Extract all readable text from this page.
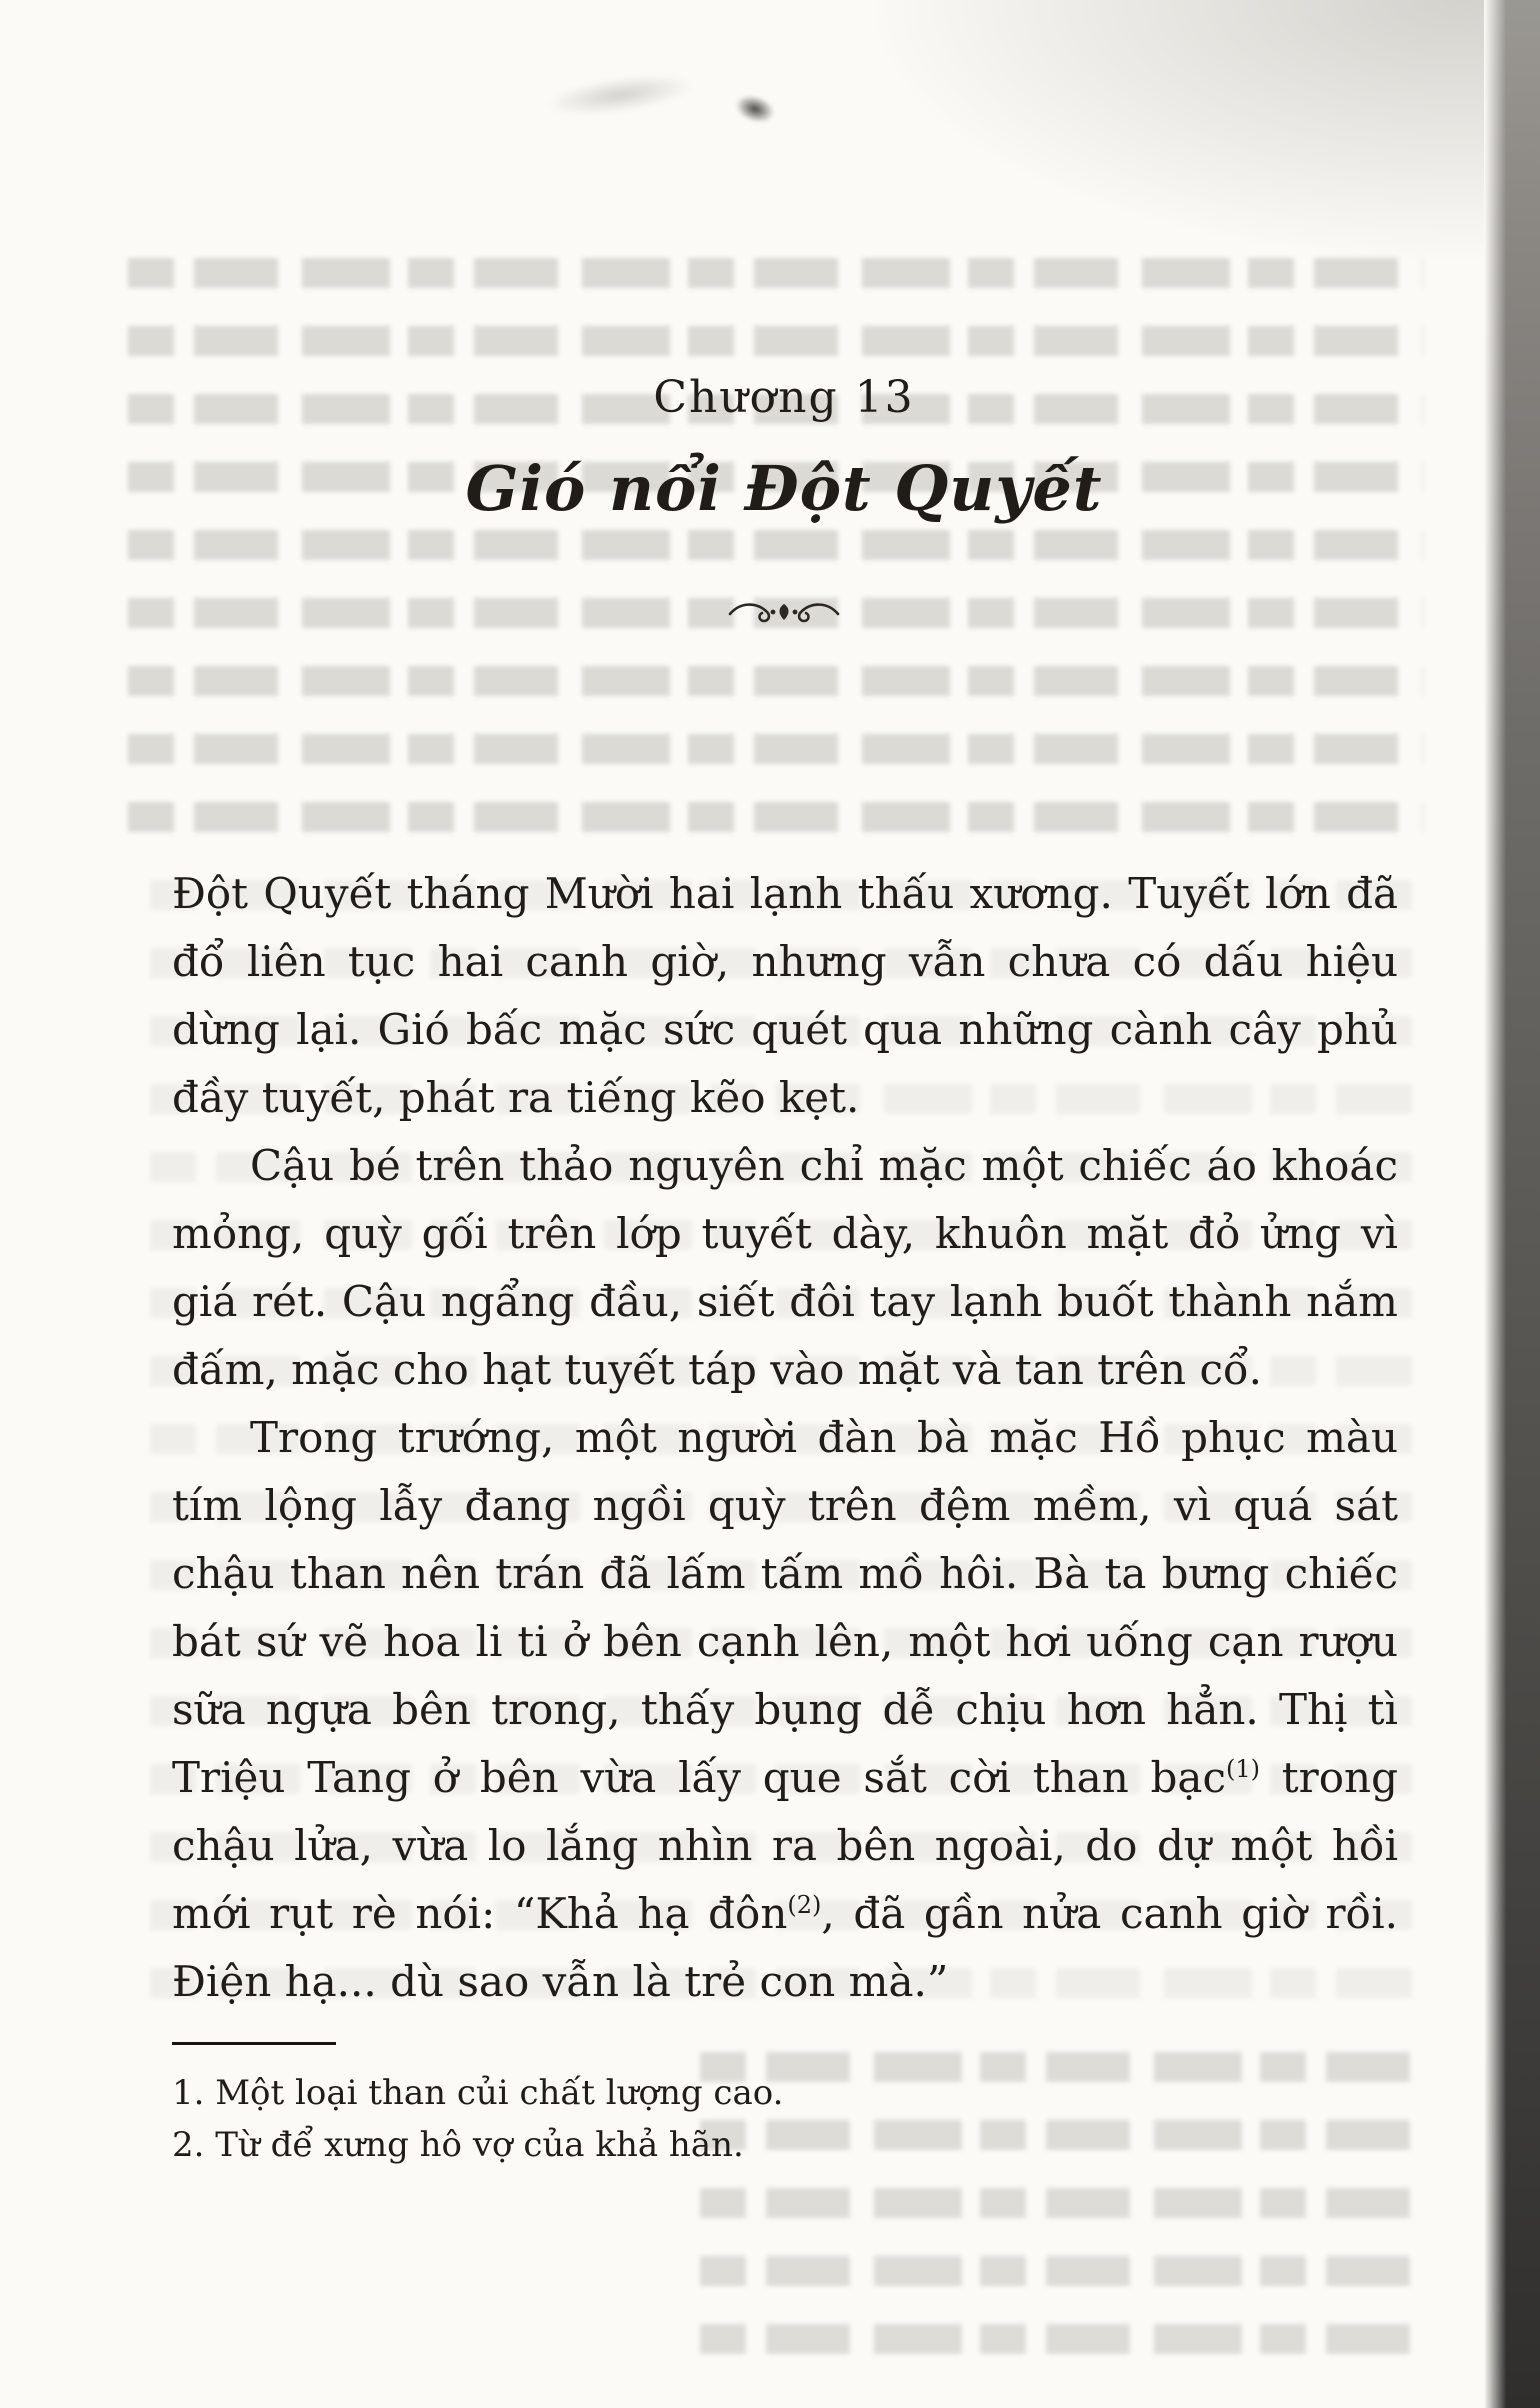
Chương 13
Gió nổi Đột Quyết

Đột Quyết tháng Mười hai lạnh thấu xương. Tuyết lớn đã đổ liên tục hai canh giờ, nhưng vẫn chưa có dấu hiệu dừng lại. Gió bấc mặc sức quét qua những cành cây phủ đầy tuyết, phát ra tiếng kẽo kẹt.

Cậu bé trên thảo nguyên chỉ mặc một chiếc áo khoác mỏng, quỳ gối trên lớp tuyết dày, khuôn mặt đỏ ửng vì giá rét. Cậu ngẩng đầu, siết đôi tay lạnh buốt thành nắm đấm, mặc cho hạt tuyết táp vào mặt và tan trên cổ.

Trong trướng, một người đàn bà mặc Hồ phục màu tím lộng lẫy đang ngồi quỳ trên đệm mềm, vì quá sát chậu than nên trán đã lấm tấm mồ hôi. Bà ta bưng chiếc bát sứ vẽ hoa li ti ở bên cạnh lên, một hơi uống cạn rượu sữa ngựa bên trong, thấy bụng dễ chịu hơn hẳn. Thị tì Triệu Tang ở bên vừa lấy que sắt cời than bạc$^{(1)}$ trong chậu lửa, vừa lo lắng nhìn ra bên ngoài, do dự một hồi mới rụt rè nói: “Khả hạ đôn$^{(2)}$, đã gần nửa canh giờ rồi. Điện hạ... dù sao vẫn là trẻ con mà.”

1. Một loại than củi chất lượng cao.

2. Từ để xưng hô vợ của khả hãn.
